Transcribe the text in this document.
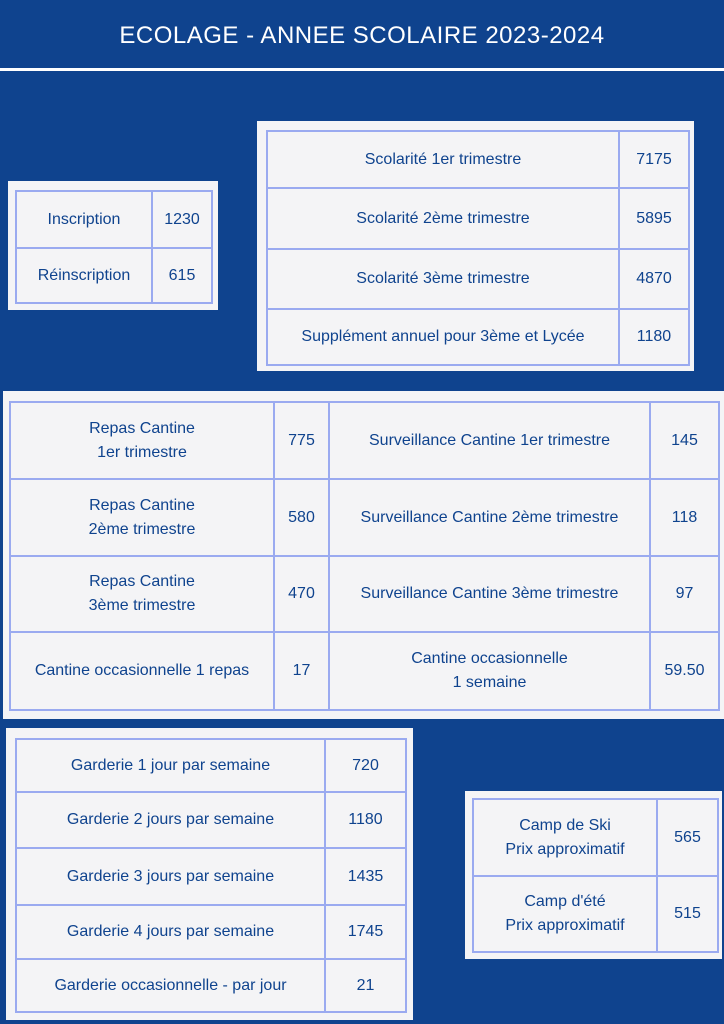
ECOLAGE - ANNEE SCOLAIRE 2023-2024
Inscription	1230
Réinscription	615
Scolarité 1er trimestre	7175
Scolarité 2ème trimestre	5895
Scolarité 3ème trimestre	4870
Supplément annuel pour 3ème et Lycée	1180
Repas Cantine
1er trimestre	775	Surveillance Cantine 1er trimestre	145
Repas Cantine
2ème trimestre	580	Surveillance Cantine 2ème trimestre	118
Repas Cantine
3ème trimestre	470	Surveillance Cantine 3ème trimestre	97
Cantine occasionnelle 1 repas	17	Cantine occasionnelle
1 semaine	59.50
Garderie 1 jour par semaine	720
Garderie 2 jours par semaine	1180
Garderie 3 jours par semaine	1435
Garderie 4 jours par semaine	1745
Garderie occasionnelle - par jour	21
Camp de Ski
Prix approximatif	565
Camp d'été
Prix approximatif	515
